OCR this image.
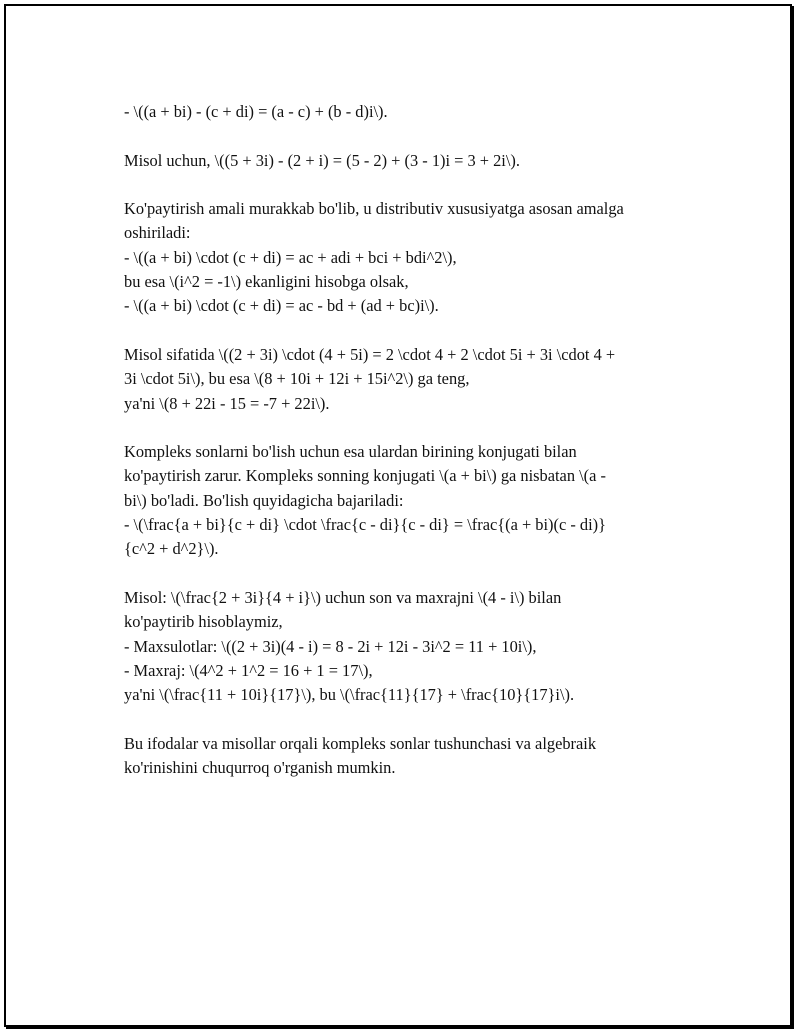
- \((a + bi) - (c + di) = (a - c) + (b - d)i\).

Misol uchun, \((5 + 3i) - (2 + i) = (5 - 2) + (3 - 1)i = 3 + 2i\).

Ko'paytirish amali murakkab bo'lib, u distributiv xususiyatga asosan amalga
oshiriladi:
- \((a + bi) \cdot (c + di) = ac + adi + bci + bdi^2\),
bu esa \(i^2 = -1\) ekanligini hisobga olsak,
- \((a + bi) \cdot (c + di) = ac - bd + (ad + bc)i\).

Misol sifatida \((2 + 3i) \cdot (4 + 5i) = 2 \cdot 4 + 2 \cdot 5i + 3i \cdot 4 +
3i \cdot 5i\), bu esa \(8 + 10i + 12i + 15i^2\) ga teng,
ya'ni \(8 + 22i - 15 = -7 + 22i\).

Kompleks sonlarni bo'lish uchun esa ulardan birining konjugati bilan
ko'paytirish zarur. Kompleks sonning konjugati \(a + bi\) ga nisbatan \(a -
bi\) bo'ladi. Bo'lish quyidagicha bajariladi:
- \(\frac{a + bi}{c + di} \cdot \frac{c - di}{c - di} = \frac{(a + bi)(c - di)}
{c^2 + d^2}\).

Misol: \(\frac{2 + 3i}{4 + i}\) uchun son va maxrajni \(4 - i\) bilan
ko'paytirib hisoblaymiz,
- Maxsulotlar: \((2 + 3i)(4 - i) = 8 - 2i + 12i - 3i^2 = 11 + 10i\),
- Maxraj: \(4^2 + 1^2 = 16 + 1 = 17\),
ya'ni \(\frac{11 + 10i}{17}\), bu \(\frac{11}{17} + \frac{10}{17}i\).

Bu ifodalar va misollar orqali kompleks sonlar tushunchasi va algebraik
ko'rinishini chuqurroq o'rganish mumkin.
